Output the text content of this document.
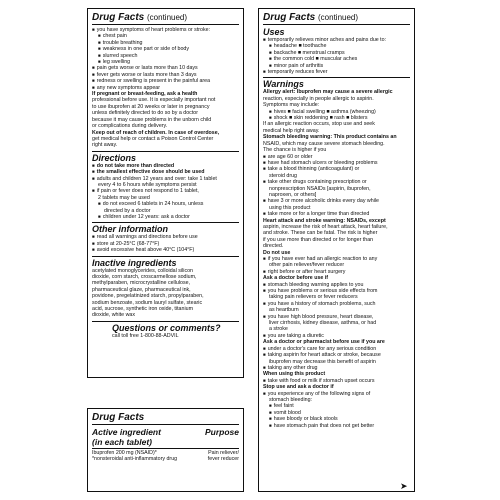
Drug Facts (continued)
■ you have symptoms of heart problems or stroke:
■ chest pain
■ trouble breathing
■ weakness in one part or side of body
■ slurred speech
■ leg swelling
■ pain gets worse or lasts more than 10 days
■ fever gets worse or lasts more than 3 days
■ redness or swelling is present in the painful area
■ any new symptoms appear
If pregnant or breast-feeding, ask a health
professional before use. It is especially important not
to use ibuprofen at 20 weeks or later in pregnancy
unless definitely directed to do so by a doctor
because it may cause problems in the unborn child
or complications during delivery.
Keep out of reach of children. In case of overdose,
get medical help or contact a Poison Control Center
right away.
Directions
■ do not take more than directed
■ the smallest effective dose should be used
■ adults and children 12 years and over: take 1 tablet
every 4 to 6 hours while symptoms persist
■ if pain or fever does not respond to 1 tablet,
2 tablets may be used
■ do not exceed 6 tablets in 24 hours, unless
directed by a doctor
■ children under 12 years: ask a doctor
Other information
■ read all warnings and directions before use
■ store at 20-25°C (68-77°F)
■ avoid excessive heat above 40°C (104°F)
Inactive ingredients
acetylated monoglycerides, colloidal silicon
dioxide, corn starch, croscarmellose sodium,
methylparaben, microcrystalline cellulose,
pharmaceutical glaze, pharmaceutical ink,
povidone, pregelatinized starch, propylparaben,
sodium benzoate, sodium lauryl sulfate, stearic
acid, sucrose, synthetic iron oxide, titanium
dioxide, white wax
Questions or comments?
call toll free 1-800-88-ADVIL
Drug Facts
Active ingredient
(in each tablet)
Purpose
Ibuprofen 200 mg (NSAID)*
*nonsteroidal anti-inflammatory drug
Pain reliever/
fever reducer
Drug Facts (continued)
Uses
■ temporarily relieves minor aches and pains due to:
■ headache ■ toothache
■ backache ■ menstrual cramps
■ the common cold ■ muscular aches
■ minor pain of arthritis
■ temporarily reduces fever
Warnings
Allergy alert: Ibuprofen may cause a severe allergic
reaction, especially in people allergic to aspirin.
Symptoms may include:
■ hives ■ facial swelling ■ asthma (wheezing)
■ shock ■ skin reddening ■ rash ■ blisters
If an allergic reaction occurs, stop use and seek
medical help right away.
Stomach bleeding warning: This product contains an
NSAID, which may cause severe stomach bleeding.
The chance is higher if you
■ are age 60 or older
■ have had stomach ulcers or bleeding problems
■ take a blood thinning (anticoagulant) or
steroid drug
■ take other drugs containing prescription or
nonprescription NSAIDs [aspirin, ibuprofen,
naproxen, or others]
■ have 3 or more alcoholic drinks every day while
using this product
■ take more or for a longer time than directed
Heart attack and stroke warning: NSAIDs, except
aspirin, increase the risk of heart attack, heart failure,
and stroke. These can be fatal. The risk is higher
if you use more than directed or for longer than
directed.
Do not use
■ if you have ever had an allergic reaction to any
other pain reliever/fever reducer
■ right before or after heart surgery
Ask a doctor before use if
■ stomach bleeding warning applies to you
■ you have problems or serious side effects from
taking pain relievers or fever reducers
■ you have a history of stomach problems, such
as heartburn
■ you have high blood pressure, heart disease,
liver cirrhosis, kidney disease, asthma, or had
a stroke
■ you are taking a diuretic
Ask a doctor or pharmacist before use if you are
■ under a doctor's care for any serious condition
■ taking aspirin for heart attack or stroke, because
ibuprofen may decrease this benefit of aspirin
■ taking any other drug
When using this product
■ take with food or milk if stomach upset occurs
Stop use and ask a doctor if
■ you experience any of the following signs of
stomach bleeding:
■ feel faint
■ vomit blood
■ have bloody or black stools
■ have stomach pain that does not get better
➤
